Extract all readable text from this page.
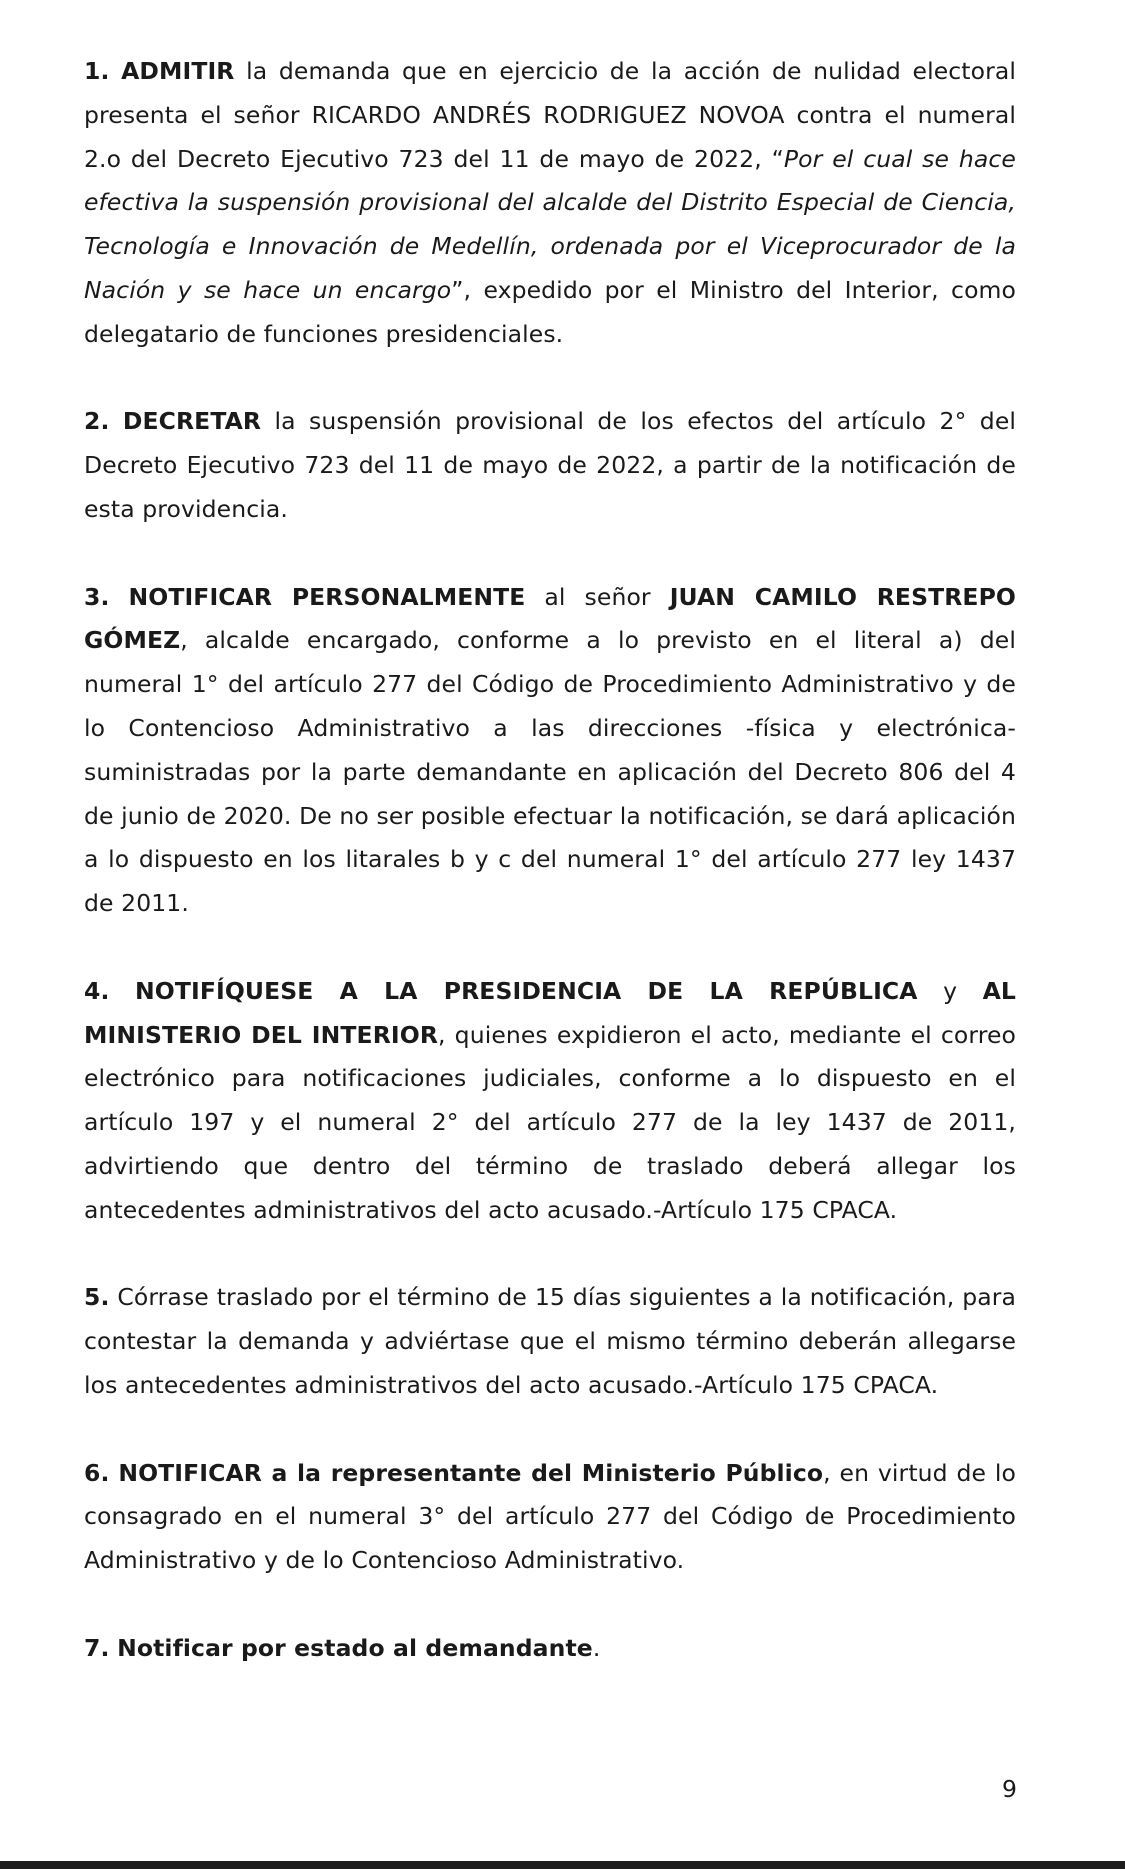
1. ADMITIR la demanda que en ejercicio de la acción de nulidad electoral presenta el señor RICARDO ANDRÉS RODRIGUEZ NOVOA contra el numeral 2.o del Decreto Ejecutivo 723 del 11 de mayo de 2022, “Por el cual se hace efectiva la suspensión provisional del alcalde del Distrito Especial de Ciencia, Tecnología e Innovación de Medellín, ordenada por el Viceprocurador de la Nación y se hace un encargo”, expedido por el Ministro del Interior, como delegatario de funciones presidenciales.

2. DECRETAR la suspensión provisional de los efectos del artículo 2° del Decreto Ejecutivo 723 del 11 de mayo de 2022, a partir de la notificación de esta providencia.

3. NOTIFICAR PERSONALMENTE al señor JUAN CAMILO RESTREPO GÓMEZ, alcalde encargado, conforme a lo previsto en el literal a) del numeral 1° del artículo 277 del Código de Procedimiento Administrativo y de lo Contencioso Administrativo a las direcciones -física y electrónica- suministradas por la parte demandante en aplicación del Decreto 806 del 4 de junio de 2020. De no ser posible efectuar la notificación, se dará aplicación a lo dispuesto en los litarales b y c del numeral 1° del artículo 277 ley 1437 de 2011.

4. NOTIFÍQUESE A LA PRESIDENCIA DE LA REPÚBLICA y AL MINISTERIO DEL INTERIOR, quienes expidieron el acto, mediante el correo electrónico para notificaciones judiciales, conforme a lo dispuesto en el artículo 197 y el numeral 2° del artículo 277 de la ley 1437 de 2011, advirtiendo que dentro del término de traslado deberá allegar los antecedentes administrativos del acto acusado.-Artículo 175 CPACA.

5. Córrase traslado por el término de 15 días siguientes a la notificación, para contestar la demanda y adviértase que el mismo término deberán allegarse los antecedentes administrativos del acto acusado.-Artículo 175 CPACA.

6. NOTIFICAR a la representante del Ministerio Público, en virtud de lo consagrado en el numeral 3° del artículo 277 del Código de Procedimiento Administrativo y de lo Contencioso Administrativo.

7. Notificar por estado al demandante.

9
